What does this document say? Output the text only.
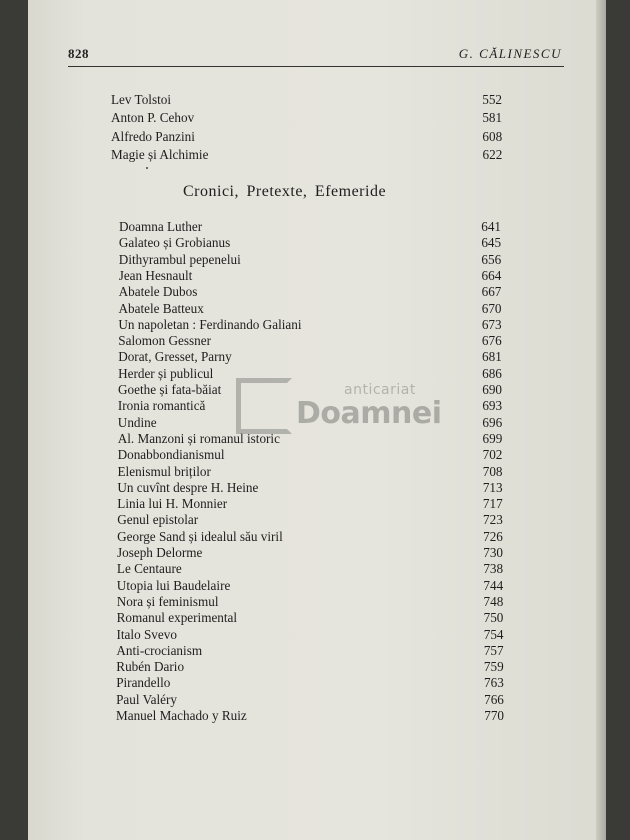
828	G. CĂLINESCU
Lev Tolstoi	552
Anton P. Cehov	581
Alfredo Panzini	608
Magie și Alchimie	622
Cronici, Pretexte, Efemeride
Doamna Luther	641
Galateo și Grobianus	645
Dithyrambul pepenelui	656
Jean Hesnault	664
Abatele Dubos	667
Abatele Batteux	670
Un napoletan : Ferdinando Galiani	673
Salomon Gessner	676
Dorat, Gresset, Parny	681
Herder și publicul	686
Goethe și fata-băiat	690
Ironia romantică	693
Undine	696
Al. Manzoni și romanul istoric	699
Donabbondianismul	702
Elenismul briților	708
Un cuvînt despre H. Heine	713
Linia lui H. Monnier	717
Genul epistolar	723
George Sand și idealul său viril	726
Joseph Delorme	730
Le Centaure	738
Utopia lui Baudelaire	744
Nora și feminismul	748
Romanul experimental	750
Italo Svevo	754
Anti-crocianism	757
Rubén Dario	759
Pirandello	763
Paul Valéry	766
Manuel Machado y Ruiz	770
anticariat
Doamnei
